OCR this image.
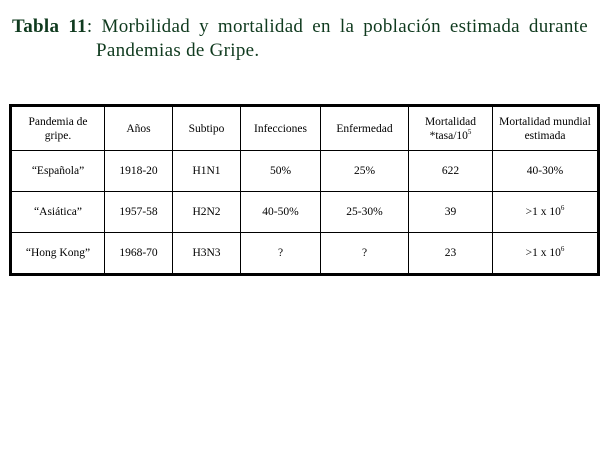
Tabla 11: Morbilidad y mortalidad en la población estimada durante
Pandemias de Gripe.
Pandemia de gripe.	Años	Subtipo	Infecciones	Enfermedad	Mortalidad $*tasa/10^5$	Mortalidad mundial estimada
“Española”	1918-20	H1N1	50%	25%	622	40-30%
“Asiática”	1957-58	H2N2	40-50%	25-30%	39	>1 x $10^6$
“Hong Kong”	1968-70	H3N3	?	?	23	>1 x $10^6$
